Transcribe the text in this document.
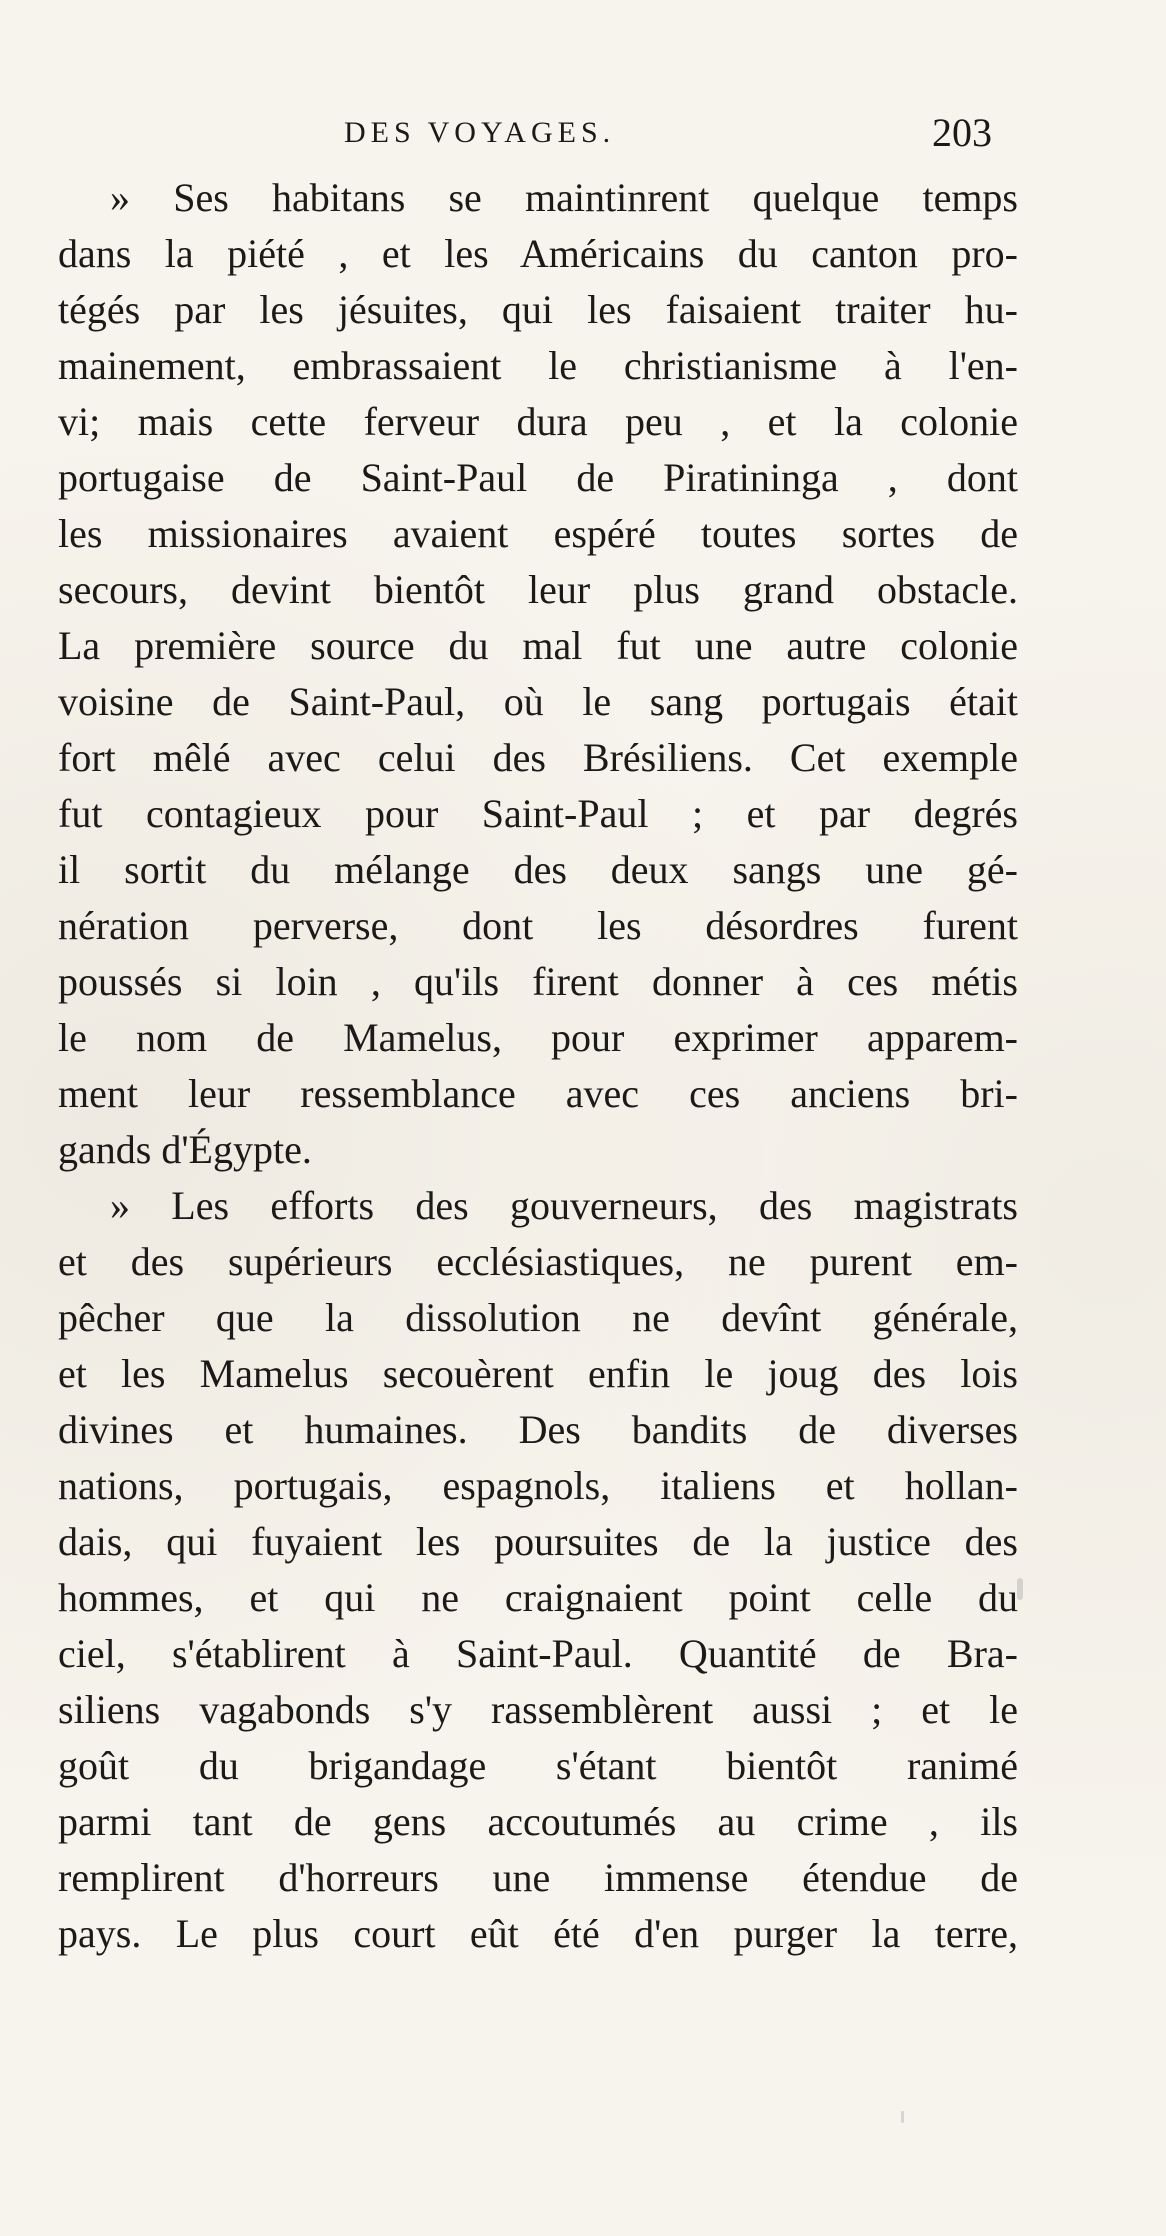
DES VOYAGES.	203
» Ses habitans se maintinrent quelque temps
dans la piété , et les Américains du canton pro-
tégés par les jésuites, qui les faisaient traiter hu-
mainement, embrassaient le christianisme à l'en-
vi; mais cette ferveur dura peu , et la colonie
portugaise de Saint-Paul de Piratininga , dont
les missionaires avaient espéré toutes sortes de
secours, devint bientôt leur plus grand obstacle.
La première source du mal fut une autre colonie
voisine de Saint-Paul, où le sang portugais était
fort mêlé avec celui des Brésiliens. Cet exemple
fut contagieux pour Saint-Paul ; et par degrés
il sortit du mélange des deux sangs une gé-
nération perverse, dont les désordres furent
poussés si loin , qu'ils firent donner à ces métis
le nom de Mamelus, pour exprimer apparem-
ment leur ressemblance avec ces anciens bri-
gands d'Égypte.
» Les efforts des gouverneurs, des magistrats
et des supérieurs ecclésiastiques, ne purent em-
pêcher que la dissolution ne devînt générale,
et les Mamelus secouèrent enfin le joug des lois
divines et humaines. Des bandits de diverses
nations, portugais, espagnols, italiens et hollan-
dais, qui fuyaient les poursuites de la justice des
hommes, et qui ne craignaient point celle du
ciel, s'établirent à Saint-Paul. Quantité de Bra-
siliens vagabonds s'y rassemblèrent aussi ; et le
goût du brigandage s'étant bientôt ranimé
parmi tant de gens accoutumés au crime , ils
remplirent d'horreurs une immense étendue de
pays. Le plus court eût été d'en purger la terre,
